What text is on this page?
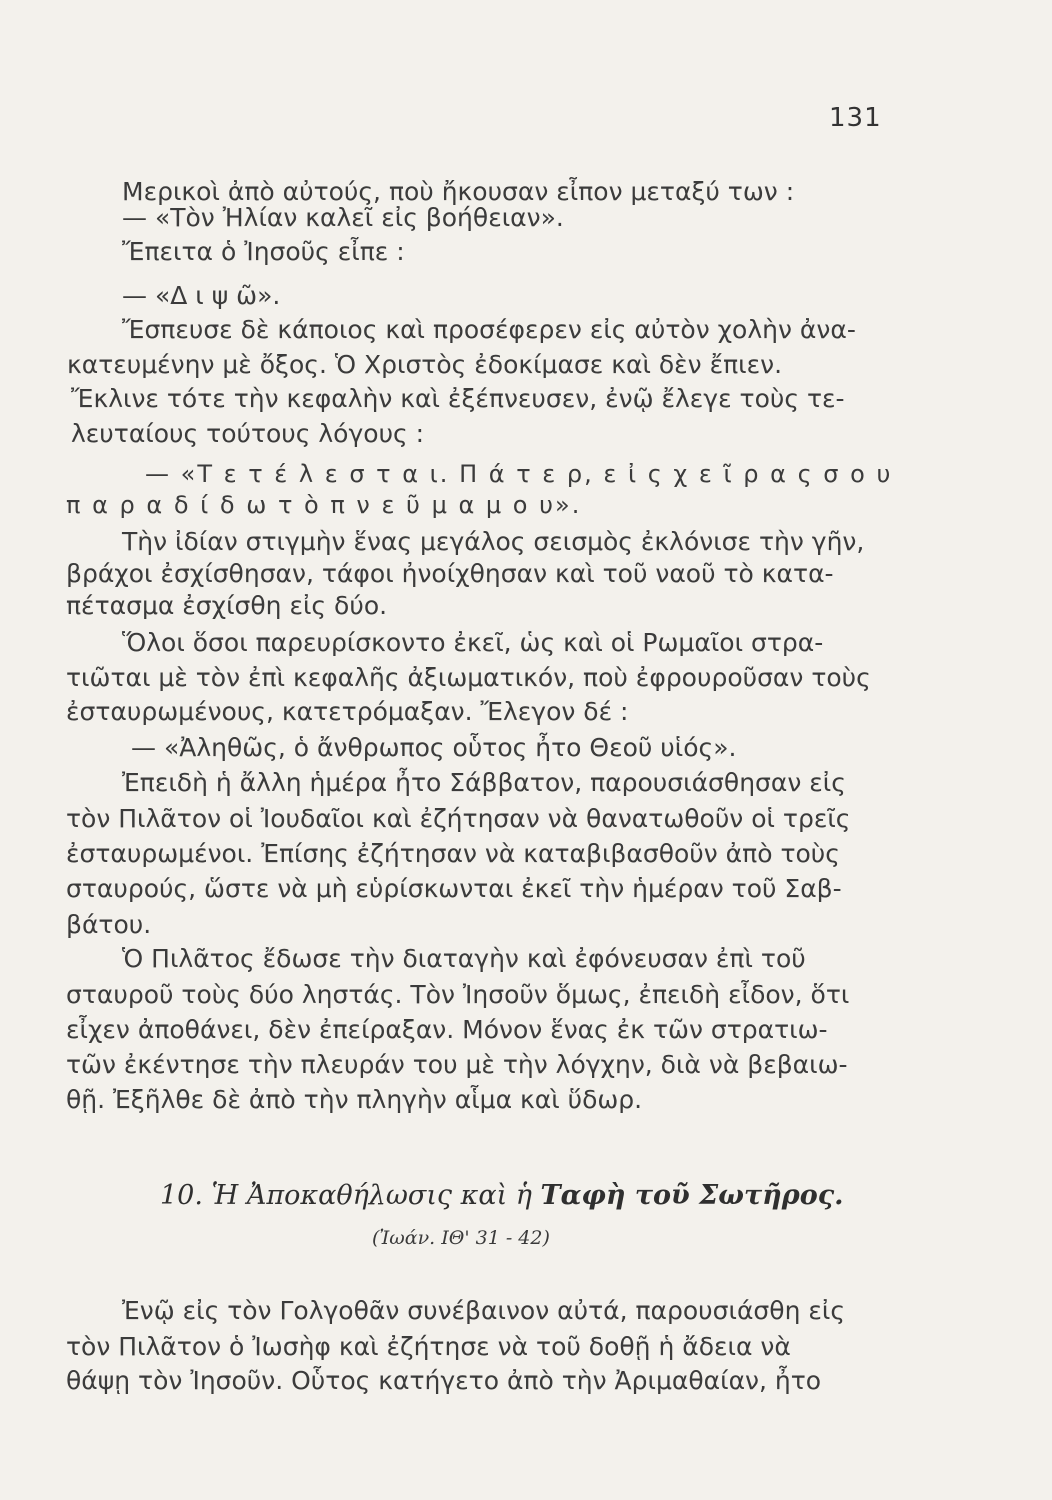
131
Μερικοὶ ἀπὸ αὐτούς, ποὺ ἤκουσαν εἶπον μεταξύ των :
— «Τὸν Ἠλίαν καλεῖ εἰς βοήθειαν».
Ἔπειτα ὁ Ἰησοῦς εἶπε :
— «Δ ι ψ ῶ».
Ἔσπευσε δὲ κάποιος καὶ προσέφερεν εἰς αὐτὸν χολὴν ἀνα-
κατευμένην μὲ ὄξος. Ὁ Χριστὸς ἐδοκίμασε καὶ δὲν ἔπιεν.
Ἔκλινε τότε τὴν κεφαλὴν καὶ ἐξέπνευσεν, ἐνῷ ἔλεγε τοὺς τε-
λευταίους τούτους λόγους :
— «Τ ε τ έ λ ε σ τ α ι. Π ά τ ε ρ, ε ἰ ς χ ε ῖ ρ α ς σ ο υ
π α ρ α δ ί δ ω τ ὸ π ν ε ῦ μ α μ ο υ».
Τὴν ἰδίαν στιγμὴν ἕνας μεγάλος σεισμὸς ἐκλόνισε τὴν γῆν,
βράχοι ἐσχίσθησαν, τάφοι ἠνοίχθησαν καὶ τοῦ ναοῦ τὸ κατα-
πέτασμα ἐσχίσθη εἰς δύο.
Ὅλοι ὅσοι παρευρίσκοντο ἐκεῖ, ὡς καὶ οἱ Ρωμαῖοι στρα-
τιῶται μὲ τὸν ἐπὶ κεφαλῆς ἀξιωματικόν, ποὺ ἐφρουροῦσαν τοὺς
ἐσταυρωμένους, κατετρόμαξαν. Ἔλεγον δέ :
— «Ἀληθῶς, ὁ ἄνθρωπος οὗτος ἦτο Θεοῦ υἱός».
Ἐπειδὴ ἡ ἄλλη ἡμέρα ἦτο Σάββατον, παρουσιάσθησαν εἰς
τὸν Πιλᾶτον οἱ Ἰουδαῖοι καὶ ἐζήτησαν νὰ θανατωθοῦν οἱ τρεῖς
ἐσταυρωμένοι. Ἐπίσης ἐζήτησαν νὰ καταβιβασθοῦν ἀπὸ τοὺς
σταυρούς, ὥστε νὰ μὴ εὑρίσκωνται ἐκεῖ τὴν ἡμέραν τοῦ Σαβ-
βάτου.
Ὁ Πιλᾶτος ἔδωσε τὴν διαταγὴν καὶ ἐφόνευσαν ἐπὶ τοῦ
σταυροῦ τοὺς δύο ληστάς. Τὸν Ἰησοῦν ὅμως, ἐπειδὴ εἶδον, ὅτι
εἶχεν ἀποθάνει, δὲν ἐπείραξαν. Μόνον ἕνας ἐκ τῶν στρατιω-
τῶν ἐκέντησε τὴν πλευράν του μὲ τὴν λόγχην, διὰ νὰ βεβαιω-
θῇ. Ἐξῆλθε δὲ ἀπὸ τὴν πληγὴν αἷμα καὶ ὕδωρ.
10. Ἡ Ἀποκαθήλωσις καὶ ἡ Ταφὴ τοῦ Σωτῆρος.
(Ἰωάν. ΙΘ' 31 - 42)
Ἐνῷ εἰς τὸν Γολγοθᾶν συνέβαινον αὐτά, παρουσιάσθη εἰς
τὸν Πιλᾶτον ὁ Ἰωσὴφ καὶ ἐζήτησε νὰ τοῦ δοθῇ ἡ ἄδεια νὰ
θάψῃ τὸν Ἰησοῦν. Οὗτος κατήγετο ἀπὸ τὴν Ἀριμαθαίαν, ἦτο
